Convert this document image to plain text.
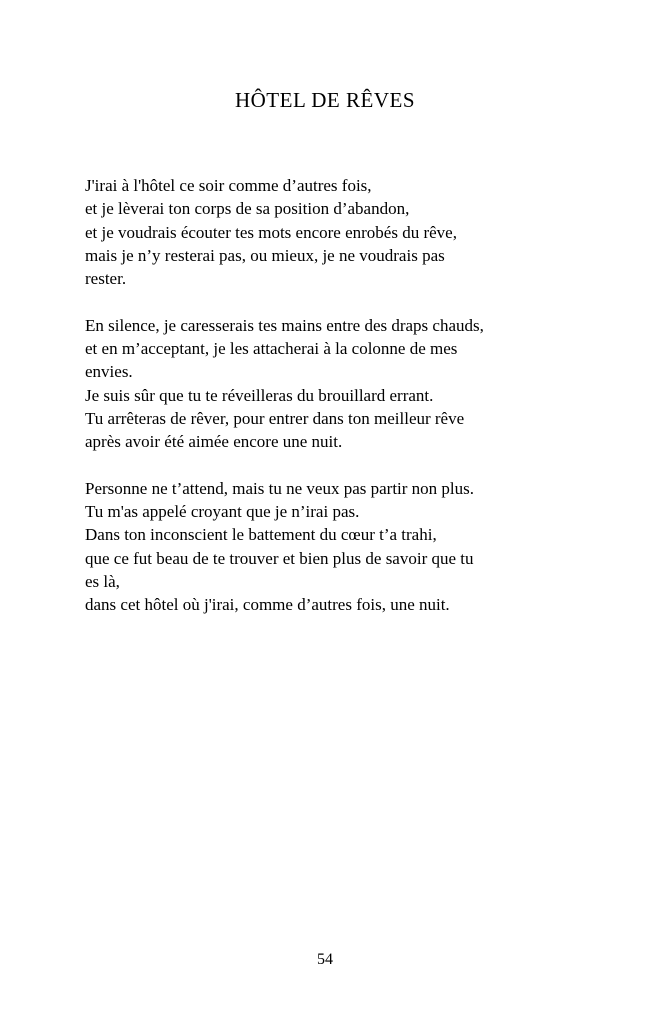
HÔTEL DE RÊVES

J'irai à l'hôtel ce soir comme d’autres fois,
et je lèverai ton corps de sa position d’abandon,
et je voudrais écouter tes mots encore enrobés du rêve,
mais je n’y resterai pas, ou mieux, je ne voudrais pas
rester.

En silence, je caresserais tes mains entre des draps chauds,
et en m’acceptant, je les attacherai à la colonne de mes
envies.
Je suis sûr que tu te réveilleras du brouillard errant.
Tu arrêteras de rêver, pour entrer dans ton meilleur rêve
après avoir été aimée encore une nuit.

Personne ne t’attend, mais tu ne veux pas partir non plus.
Tu m'as appelé croyant que je n’irai pas.
Dans ton inconscient le battement du cœur t’a trahi,
que ce fut beau de te trouver et bien plus de savoir que tu
es là,
dans cet hôtel où j'irai, comme d’autres fois, une nuit.

54
